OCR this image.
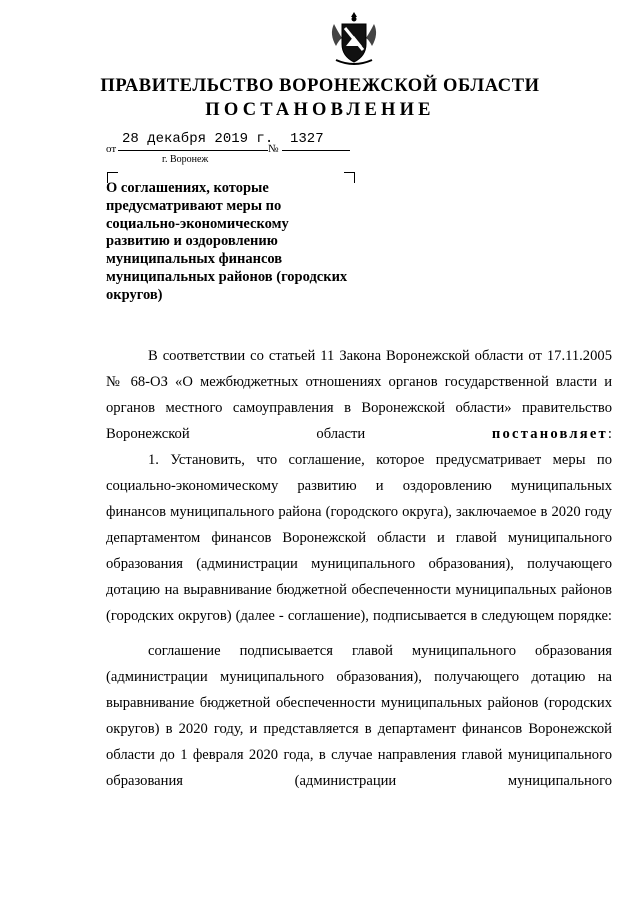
ПРАВИТЕЛЬСТВО ВОРОНЕЖСКОЙ ОБЛАСТИ
ПОСТАНОВЛЕНИЕ
от
28 декабря 2019 г.
г. Воронеж
№
1327
О соглашениях, которые предусматривают меры по социально-экономическому развитию и оздоровлению муниципальных финансов муниципальных районов (городских округов)

В соответствии со статьей 11 Закона Воронежской области от 17.11.2005 № 68-ОЗ «О межбюджетных отношениях органов государственной власти и органов местного самоуправления в Воронежской области» правительство Воронежской области	постановляет:

1. Установить, что соглашение, которое предусматривает меры по социально-экономическому развитию и оздоровлению муниципальных финансов муниципального района (городского округа), заключаемое в 2020 году департаментом финансов Воронежской области и главой муниципального образования (администрации муниципального образования), получающего дотацию на выравнивание бюджетной обеспеченности муниципальных районов (городских округов) (далее - соглашение), подписывается в следующем порядке:

соглашение подписывается главой муниципального образования (администрации муниципального образования), получающего дотацию на выравнивание бюджетной обеспеченности муниципальных районов (городских округов) в 2020 году, и представляется в департамент финансов Воронежской области до 1 февраля 2020 года, в случае направления главой муниципального образования (администрации муниципального
